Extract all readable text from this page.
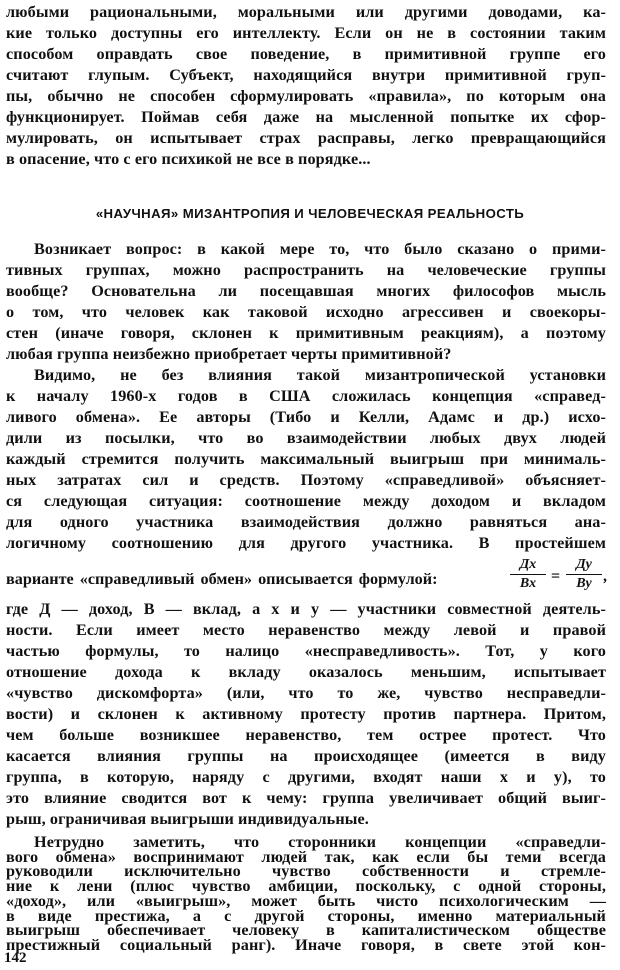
любыми рациональными, моральными или другими доводами, ка-

кие только доступны его интеллекту. Если он не в состоянии таким

способом оправдать свое поведение, в примитивной группе его

считают глупым. Субъект, находящийся внутри примитивной груп-

пы, обычно не способен сформулировать «правила», по которым она

функционирует. Поймав себя даже на мысленной попытке их сфор-

мулировать, он испытывает страх расправы, легко превращающийся

в опасение, что с его психикой не все в порядке...

«НАУЧНАЯ» МИЗАНТРОПИЯ И ЧЕЛОВЕЧЕСКАЯ РЕАЛЬНОСТЬ

Возникает вопрос: в какой мере то, что было сказано о прими-

тивных группах, можно распространить на человеческие группы

вообще? Основательна ли посещавшая многих философов мысль

о том, что человек как таковой исходно агрессивен и своекоры-

стен (иначе говоря, склонен к примитивным реакциям), а поэтому

любая группа неизбежно приобретает черты примитивной?

Видимо, не без влияния такой мизантропической установки

к началу 1960-х годов в США сложилась концепция «справед-

ливого обмена». Ее авторы (Тибо и Келли, Адамс и др.) исхо-

дили из посылки, что во взаимодействии любых двух людей

каждый стремится получить максимальный выигрыш при минималь-

ных затратах сил и средств. Поэтому «справедливой» объясняет-

ся следующая ситуация: соотношение между доходом и вкладом

для одного участника взаимодействия должно равняться ана-

логичному соотношению для другого участника. В простейшем

варианте «справедливый обмен» описывается формулой:
Дx
Вx =
Дy
Вy ,

где Д — доход, В — вклад, а x и y — участники совместной деятель-

ности. Если имеет место неравенство между левой и правой

частью формулы, то налицо «несправедливость». Тот, у кого

отношение дохода к вкладу оказалось меньшим, испытывает

«чувство дискомфорта» (или, что то же, чувство несправедли-

вости) и склонен к активному протесту против партнера. Притом,

чем больше возникшее неравенство, тем острее протест. Что

касается влияния группы на происходящее (имеется в виду

группа, в которую, наряду с другими, входят наши x и y), то

это влияние сводится вот к чему: группа увеличивает общий выиг-

рыш, ограничивая выигрыши индивидуальные.

Нетрудно заметить, что сторонники концепции «справедли-

вого обмена» воспринимают людей так, как если бы теми всегда

руководили исключительно чувство собственности и стремле-

ние к лени (плюс чувство амбиции, поскольку, с одной стороны,

«доход», или «выигрыш», может быть чисто психологическим —

в виде престижа, а с другой стороны, именно материальный

выигрыш обеспечивает человеку в капиталистическом обществе

престижный социальный ранг). Иначе говоря, в свете этой кон-

142
